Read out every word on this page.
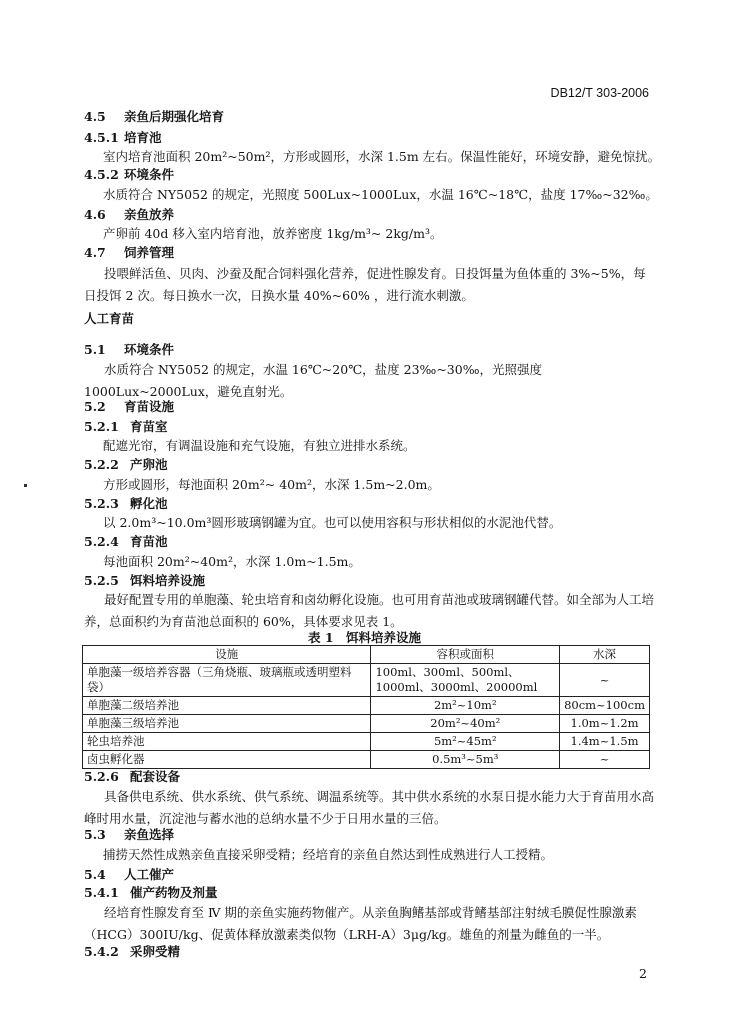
DB12/T 303-2006
4.5 亲鱼后期强化培育
4.5.1 培育池
室内培育池面积 20m²~50m²，方形或圆形，水深 1.5m 左右。保温性能好，环境安静，避免惊扰。
4.5.2 环境条件
水质符合 NY5052 的规定，光照度 500Lux~1000Lux，水温 16℃~18℃，盐度 17‰~32‰。
4.6 亲鱼放养
产卵前 40d 移入室内培育池，放养密度 1kg/m³~ 2kg/m³。
4.7 饲养管理
投喂鲜活鱼、贝肉、沙蚕及配合饲料强化营养，促进性腺发育。日投饵量为鱼体重的 3%~5%，每日投饵 2 次。每日换水一次，日换水量 40%~60% ，进行流水刺激。
人工育苗
5.1 环境条件
水质符合 NY5052 的规定，水温 16℃~20℃，盐度 23‰~30‰，光照强度 1000Lux~2000Lux，避免直射光。
5.2 育苗设施
5.2.1 育苗室
配遮光帘，有调温设施和充气设施，有独立进排水系统。
5.2.2 产卵池
方形或圆形，每池面积 20m²~ 40m²，水深 1.5m~2.0m。
5.2.3 孵化池
以 2.0m³~10.0m³圆形玻璃钢罐为宜。也可以使用容积与形状相似的水泥池代替。
5.2.4 育苗池
每池面积 20m²~40m²，水深 1.0m~1.5m。
5.2.5 饵料培养设施
最好配置专用的单胞藻、轮虫培育和卤幼孵化设施。也可用育苗池或玻璃钢罐代替。如全部为人工培养，总面积约为育苗池总面积的 60%，具体要求见表 1。
表 1　饵料培养设施
设施	容积或面积	水深
单胞藻一级培养容器（三角烧瓶、玻璃瓶或透明塑料袋）	100ml、300ml、500ml、1000ml、3000ml、20000ml	~
单胞藻二级培养池	2m²~10m²	80cm~100cm
单胞藻三级培养池	20m²~40m²	1.0m~1.2m
轮虫培养池	5m²~45m²	1.4m~1.5m
卤虫孵化器	0.5m³~5m³	~
5.2.6 配套设备
具备供电系统、供水系统、供气系统、调温系统等。其中供水系统的水泵日提水能力大于育苗用水高峰时用水量，沉淀池与蓄水池的总纳水量不少于日用水量的三倍。
5.3 亲鱼选择
捕捞天然性成熟亲鱼直接采卵受精；经培育的亲鱼自然达到性成熟进行人工授精。
5.4 人工催产
5.4.1 催产药物及剂量
经培育性腺发育至 Ⅳ 期的亲鱼实施药物催产。从亲鱼胸鳍基部或背鳍基部注射绒毛膜促性腺激素（HCG）300IU/kg、促黄体释放激素类似物（LRH-A）3μg/kg。雄鱼的剂量为雌鱼的一半。
5.4.2 采卵受精
2
